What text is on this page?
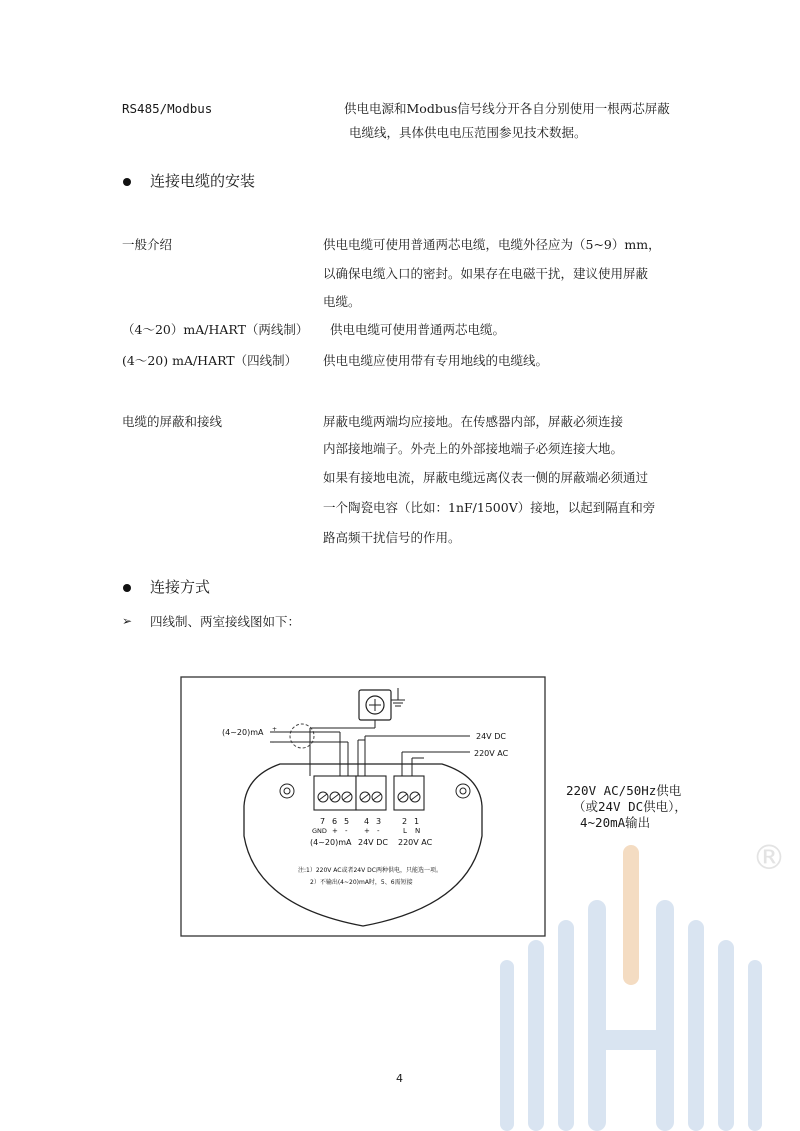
RS485/Modbus	供电电源和Modbus信号线分开各自分别使用一根两芯屏蔽
电缆线，具体供电电压范围参见技术数据。
连接电缆的安装
一般介绍	供电电缆可使用普通两芯电缆，电缆外径应为（5~9）mm，
以确保电缆入口的密封。如果存在电磁干扰，建议使用屏蔽
电缆。
（4～20）mA/HART（两线制） 供电电缆可使用普通两芯电缆。
(4～20) mA/HART（四线制） 供电电缆应使用带有专用地线的电缆线。
电缆的屏蔽和接线	屏蔽电缆两端均应接地。在传感器内部，屏蔽必须连接
内部接地端子。外壳上的外部接地端子必须连接大地。
如果有接地电流，屏蔽电缆远离仪表一侧的屏蔽端必须通过
一个陶瓷电容（比如：1nF/1500V）接地，以起到隔直和旁
路高频干扰信号的作用。
连接方式
➢ 四线制、两室接线图如下：
®
24V DC
220V AC
(4~20)mA +
-
7 6 5 4 3	2 1
GND + - + -	L N
(4~20)mA 24V DC 220V AC
注:1）220V AC或者24V DC两种供电，只能选一项。
2）不输出(4~20)mA时，5、6需短接
220V AC/50Hz供电
（或24V DC供电），
4~20mA输出
4
